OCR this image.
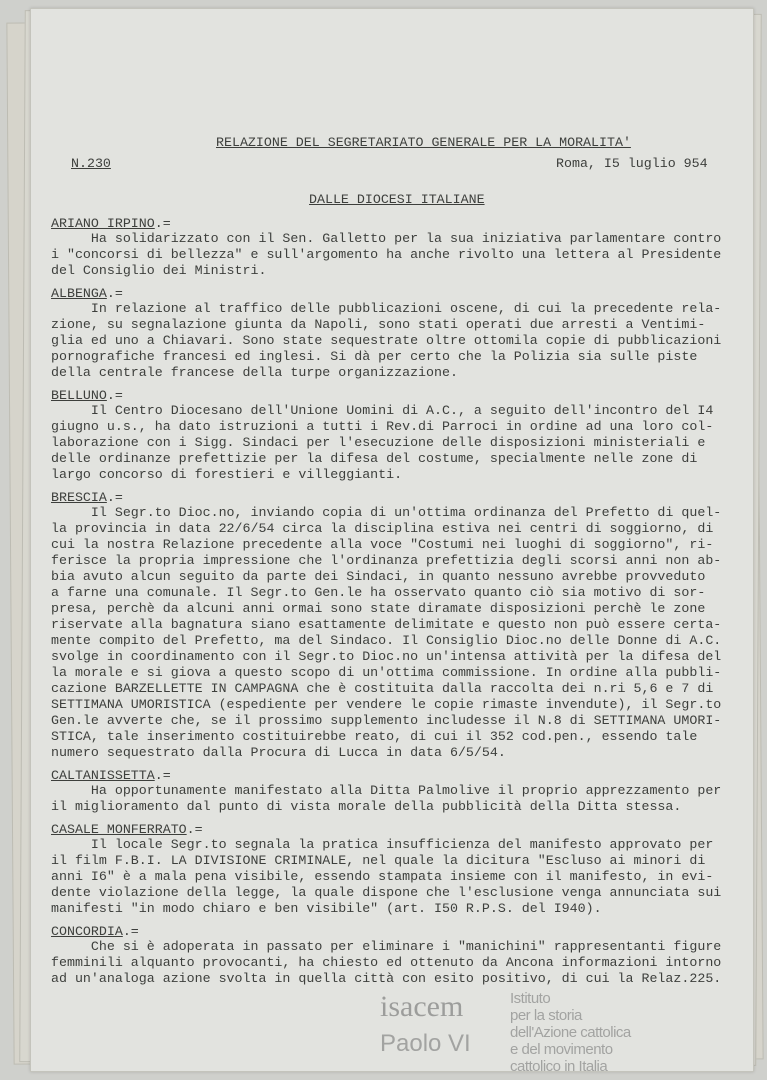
RELAZIONE DEL SEGRETARIATO GENERALE PER LA MORALITA'
N.230	Roma, I5 luglio 954
DALLE DIOCESI ITALIANE
ARIANO IRPINO.=
Ha solidarizzato con il Sen. Galletto per la sua iniziativa parlamentare contro
i "concorsi di bellezza" e sull'argomento ha anche rivolto una lettera al Presidente
del Consiglio dei Ministri.
ALBENGA.=
In relazione al traffico delle pubblicazioni oscene, di cui la precedente rela-
zione, su segnalazione giunta da Napoli, sono stati operati due arresti a Ventimi-
glia ed uno a Chiavari. Sono state sequestrate oltre ottomila copie di pubblicazioni
pornografiche francesi ed inglesi. Si dà per certo che la Polizia sia sulle piste
della centrale francese della turpe organizzazione.
BELLUNO.=
Il Centro Diocesano dell'Unione Uomini di A.C., a seguito dell'incontro del I4
giugno u.s., ha dato istruzioni a tutti i Rev.di Parroci in ordine ad una loro col-
laborazione con i Sigg. Sindaci per l'esecuzione delle disposizioni ministeriali e
delle ordinanze prefettizie per la difesa del costume, specialmente nelle zone di
largo concorso di forestieri e villeggianti.
BRESCIA.=
Il Segr.to Dioc.no, inviando copia di un'ottima ordinanza del Prefetto di quel-
la provincia in data 22/6/54 circa la disciplina estiva nei centri di soggiorno, di
cui la nostra Relazione precedente alla voce "Costumi nei luoghi di soggiorno", ri-
ferisce la propria impressione che l'ordinanza prefettizia degli scorsi anni non ab-
bia avuto alcun seguito da parte dei Sindaci, in quanto nessuno avrebbe provveduto
a farne una comunale. Il Segr.to Gen.le ha osservato quanto ciò sia motivo di sor-
presa, perchè da alcuni anni ormai sono state diramate disposizioni perchè le zone
riservate alla bagnatura siano esattamente delimitate e questo non può essere certa-
mente compito del Prefetto, ma del Sindaco. Il Consiglio Dioc.no delle Donne di A.C.
svolge in coordinamento con il Segr.to Dioc.no un'intensa attività per la difesa del
la morale e si giova a questo scopo di un'ottima commissione. In ordine alla pubbli-
cazione BARZELLETTE IN CAMPAGNA che è costituita dalla raccolta dei n.ri 5,6 e 7 di
SETTIMANA UMORISTICA (espediente per vendere le copie rimaste invendute), il Segr.to
Gen.le avverte che, se il prossimo supplemento includesse il N.8 di SETTIMANA UMORI-
STICA, tale inserimento costituirebbe reato, di cui il 352 cod.pen., essendo tale
numero sequestrato dalla Procura di Lucca in data 6/5/54.
CALTANISSETTA.=
Ha opportunamente manifestato alla Ditta Palmolive il proprio apprezzamento per
il miglioramento dal punto di vista morale della pubblicità della Ditta stessa.
CASALE MONFERRATO.=
Il locale Segr.to segnala la pratica insufficienza del manifesto approvato per
il film F.B.I. LA DIVISIONE CRIMINALE, nel quale la dicitura "Escluso ai minori di
anni I6" è a mala pena visibile, essendo stampata insieme con il manifesto, in evi-
dente violazione della legge, la quale dispone che l'esclusione venga annunciata sui
manifesti "in modo chiaro e ben visibile" (art. I50 R.P.S. del I940).
CONCORDIA.=
Che si è adoperata in passato per eliminare i "manichini" rappresentanti figure
femminili alquanto provocanti, ha chiesto ed ottenuto da Ancona informazioni intorno
ad un'analoga azione svolta in quella città con esito positivo, di cui la Relaz.225.
isacem
Paolo VI
Istituto
per la storia
dell'Azione cattolica
e del movimento
cattolico in Italia
